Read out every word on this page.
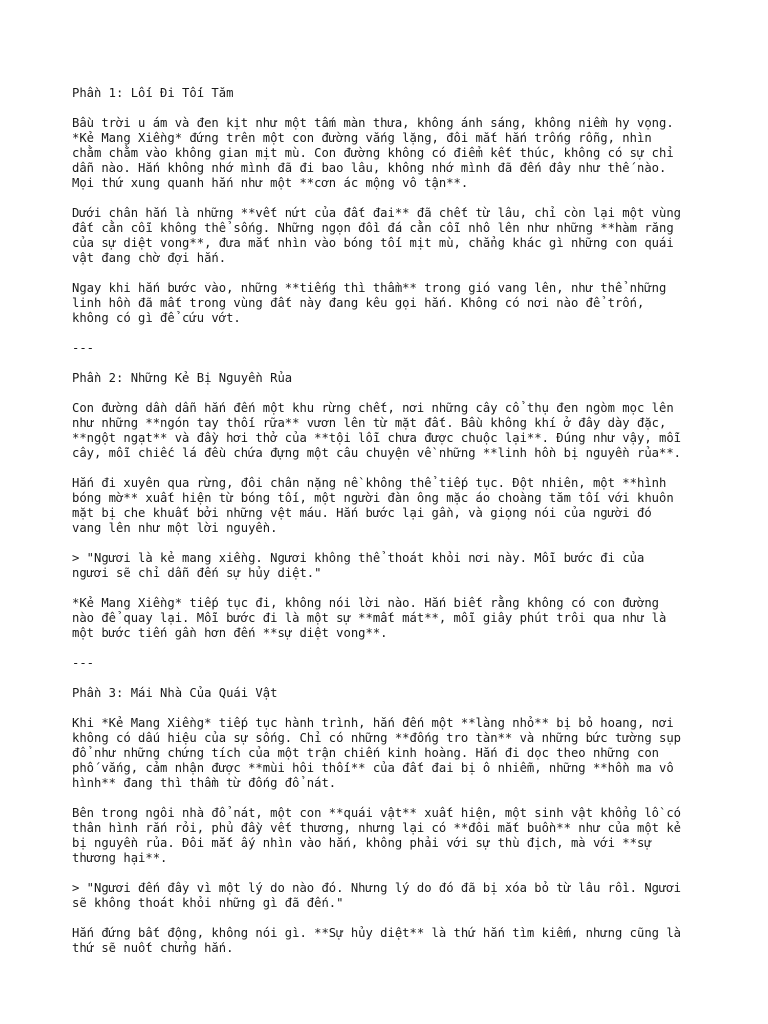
Phần 1: Lối Đi Tối Tăm
Bầu trời u ám và đen kịt như một tấm màn thưa, không ánh sáng, không niềm hy vọng.
*Kẻ Mang Xiềng* đứng trên một con đường vắng lặng, đôi mắt hắn trống rỗng, nhìn
chằm chằm vào không gian mịt mù. Con đường không có điểm kết thúc, không có sự chỉ
dẫn nào. Hắn không nhớ mình đã đi bao lâu, không nhớ mình đã đến đây như thế nào.
Mọi thứ xung quanh hắn như một **cơn ác mộng vô tận**.
Dưới chân hắn là những **vết nứt của đất đai** đã chết từ lâu, chỉ còn lại một vùng
đất cằn cỗi không thể sống. Những ngọn đồi đá cằn cỗi nhô lên như những **hàm răng
của sự diệt vong**, đưa mắt nhìn vào bóng tối mịt mù, chẳng khác gì những con quái
vật đang chờ đợi hắn.
Ngay khi hắn bước vào, những **tiếng thì thầm** trong gió vang lên, như thể những
linh hồn đã mất trong vùng đất này đang kêu gọi hắn. Không có nơi nào để trốn,
không có gì để cứu vớt.
---
Phần 2: Những Kẻ Bị Nguyền Rủa
Con đường dần dẫn hắn đến một khu rừng chết, nơi những cây cổ thụ đen ngòm mọc lên
như những **ngón tay thối rữa** vươn lên từ mặt đất. Bầu không khí ở đây dày đặc,
**ngột ngạt** và đầy hơi thở của **tội lỗi chưa được chuộc lại**. Đúng như vậy, mỗi
cây, mỗi chiếc lá đều chứa đựng một câu chuyện về những **linh hồn bị nguyền rủa**.
Hắn đi xuyên qua rừng, đôi chân nặng nề không thể tiếp tục. Đột nhiên, một **hình
bóng mờ** xuất hiện từ bóng tối, một người đàn ông mặc áo choàng tăm tối với khuôn
mặt bị che khuất bởi những vệt máu. Hắn bước lại gần, và giọng nói của người đó
vang lên như một lời nguyền.
> "Ngươi là kẻ mang xiềng. Ngươi không thể thoát khỏi nơi này. Mỗi bước đi của
ngươi sẽ chỉ dẫn đến sự hủy diệt."
*Kẻ Mang Xiềng* tiếp tục đi, không nói lời nào. Hắn biết rằng không có con đường
nào để quay lại. Mỗi bước đi là một sự **mất mát**, mỗi giây phút trôi qua như là
một bước tiến gần hơn đến **sự diệt vong**.
---
Phần 3: Mái Nhà Của Quái Vật
Khi *Kẻ Mang Xiềng* tiếp tục hành trình, hắn đến một **làng nhỏ** bị bỏ hoang, nơi
không có dấu hiệu của sự sống. Chỉ có những **đống tro tàn** và những bức tường sụp
đổ như những chứng tích của một trận chiến kinh hoàng. Hắn đi dọc theo những con
phố vắng, cảm nhận được **mùi hôi thối** của đất đai bị ô nhiễm, những **hồn ma vô
hình** đang thì thầm từ đống đổ nát.
Bên trong ngôi nhà đổ nát, một con **quái vật** xuất hiện, một sinh vật khổng lồ có
thân hình rắn rỏi, phủ đầy vết thương, nhưng lại có **đôi mắt buồn** như của một kẻ
bị nguyền rủa. Đôi mắt ấy nhìn vào hắn, không phải với sự thù địch, mà với **sự
thương hại**.
> "Ngươi đến đây vì một lý do nào đó. Nhưng lý do đó đã bị xóa bỏ từ lâu rồi. Ngươi
sẽ không thoát khỏi những gì đã đến."
Hắn đứng bất động, không nói gì. **Sự hủy diệt** là thứ hắn tìm kiếm, nhưng cũng là
thứ sẽ nuốt chửng hắn.
